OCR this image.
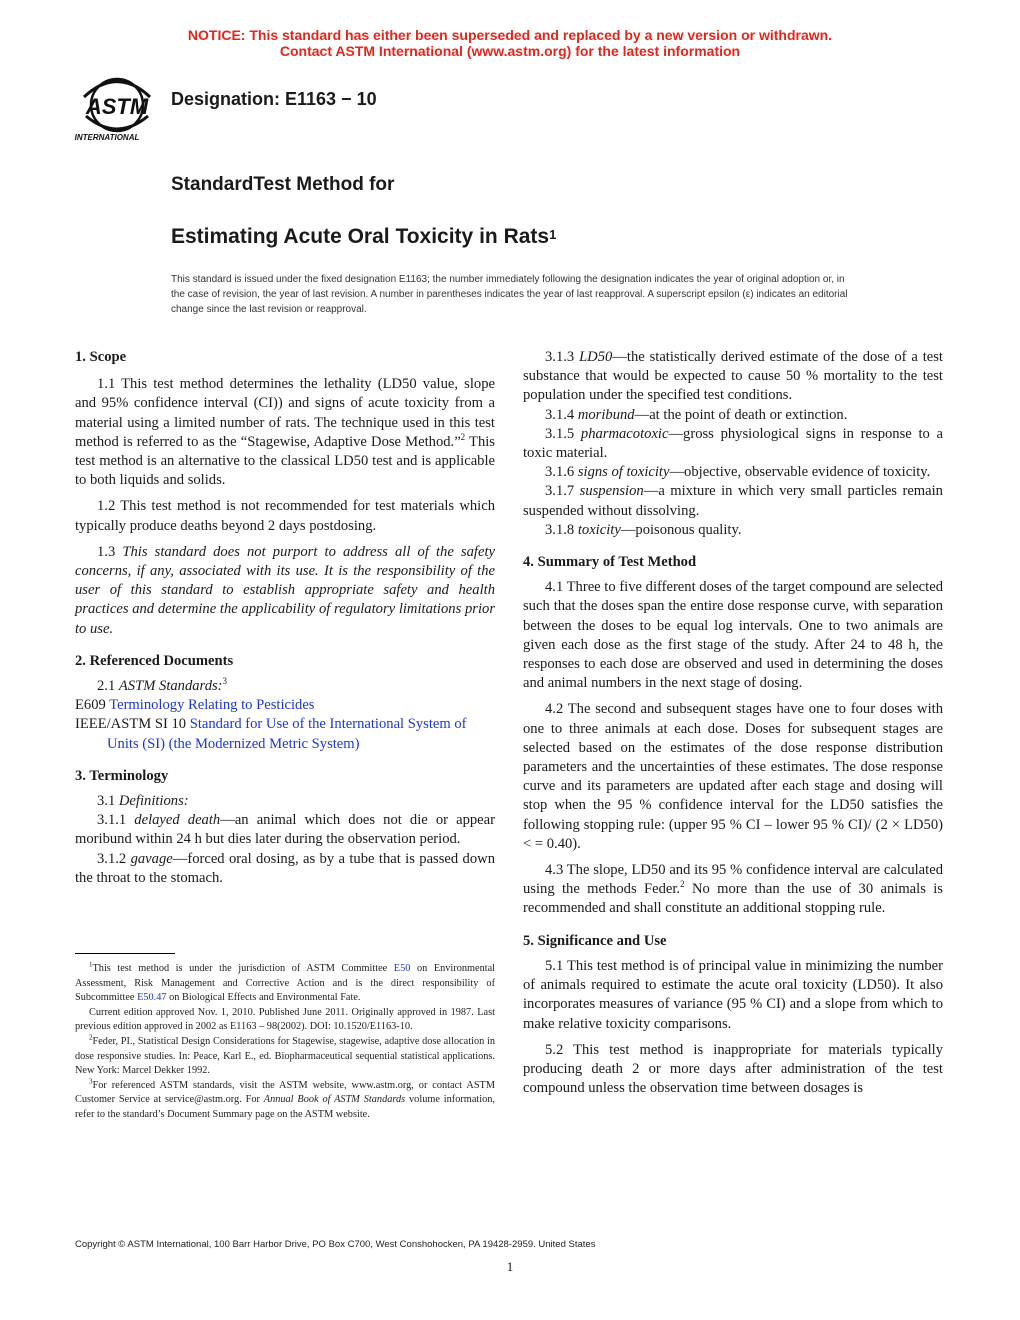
NOTICE: This standard has either been superseded and replaced by a new version or withdrawn.
Contact ASTM International (www.astm.org) for the latest information
ASTM
INTERNATIONAL
Designation: E1163 − 10
StandardTest Method for
Estimating Acute Oral Toxicity in Rats$^1$
This standard is issued under the fixed designation E1163; the number immediately following the designation indicates the year of original adoption or, in the case of revision, the year of last revision. A number in parentheses indicates the year of last reapproval. A superscript epsilon (ε) indicates an editorial change since the last revision or reapproval.
1. Scope

1.1 This test method determines the lethality (LD50 value, slope and 95% confidence interval (CI)) and signs of acute toxicity from a material using a limited number of rats. The technique used in this test method is referred to as the “Stagewise, Adaptive Dose Method.”$^2$ This test method is an alternative to the classical LD50 test and is applicable to both liquids and solids.

1.2 This test method is not recommended for test materials which typically produce deaths beyond 2 days postdosing.

1.3 This standard does not purport to address all of the safety concerns, if any, associated with its use. It is the responsibility of the user of this standard to establish appropriate safety and health practices and determine the applicability of regulatory limitations prior to use.

2. Referenced Documents

2.1 ASTM Standards:$^3$

E609 Terminology Relating to Pesticides

IEEE/ASTM SI 10 Standard for Use of the International System of Units (SI) (the Modernized Metric System)

3. Terminology

3.1 Definitions:

3.1.1 delayed death—an animal which does not die or appear moribund within 24 h but dies later during the observation period.

3.1.2 gavage—forced oral dosing, as by a tube that is passed down the throat to the stomach.

$^1$This test method is under the jurisdiction of ASTM Committee E50 on Environmental Assessment, Risk Management and Corrective Action and is the direct responsibility of Subcommittee E50.47 on Biological Effects and Environmental Fate.

Current edition approved Nov. 1, 2010. Published June 2011. Originally approved in 1987. Last previous edition approved in 2002 as E1163 – 98(2002). DOI: 10.1520/E1163-10.

$^2$Feder, PI., Statistical Design Considerations for Stagewise, stagewise, adaptive dose allocation in dose responsive studies. In: Peace, Karl E., ed. Biopharmaceutical sequential statistical applications. New York: Marcel Dekker 1992.

$^3$For referenced ASTM standards, visit the ASTM website, www.astm.org, or contact ASTM Customer Service at service@astm.org. For Annual Book of ASTM Standards volume information, refer to the standard’s Document Summary page on the ASTM website.

3.1.3 LD50—the statistically derived estimate of the dose of a test substance that would be expected to cause 50 % mortality to the test population under the specified test conditions.

3.1.4 moribund—at the point of death or extinction.

3.1.5 pharmacotoxic—gross physiological signs in response to a toxic material.

3.1.6 signs of toxicity—objective, observable evidence of toxicity.

3.1.7 suspension—a mixture in which very small particles remain suspended without dissolving.

3.1.8 toxicity—poisonous quality.

4. Summary of Test Method

4.1 Three to five different doses of the target compound are selected such that the doses span the entire dose response curve, with separation between the doses to be equal log intervals. One to two animals are given each dose as the first stage of the study. After 24 to 48 h, the responses to each dose are observed and used in determining the doses and animal numbers in the next stage of dosing.

4.2 The second and subsequent stages have one to four doses with one to three animals at each dose. Doses for subsequent stages are selected based on the estimates of the dose response distribution parameters and the uncertainties of these estimates. The dose response curve and its parameters are updated after each stage and dosing will stop when the 95 % confidence interval for the LD50 satisfies the following stopping rule: (upper 95 % CI – lower 95 % CI)/ (2 × LD50) < = 0.40).

4.3 The slope, LD50 and its 95 % confidence interval are calculated using the methods Feder.$^2$ No more than the use of 30 animals is recommended and shall constitute an additional stopping rule.

5. Significance and Use

5.1 This test method is of principal value in minimizing the number of animals required to estimate the acute oral toxicity (LD50). It also incorporates measures of variance (95 % CI) and a slope from which to make relative toxicity comparisons.

5.2 This test method is inappropriate for materials typically producing death 2 or more days after administration of the test compound unless the observation time between dosages is

Copyright © ASTM International, 100 Barr Harbor Drive, PO Box C700, West Conshohocken, PA 19428-2959. United States
1
